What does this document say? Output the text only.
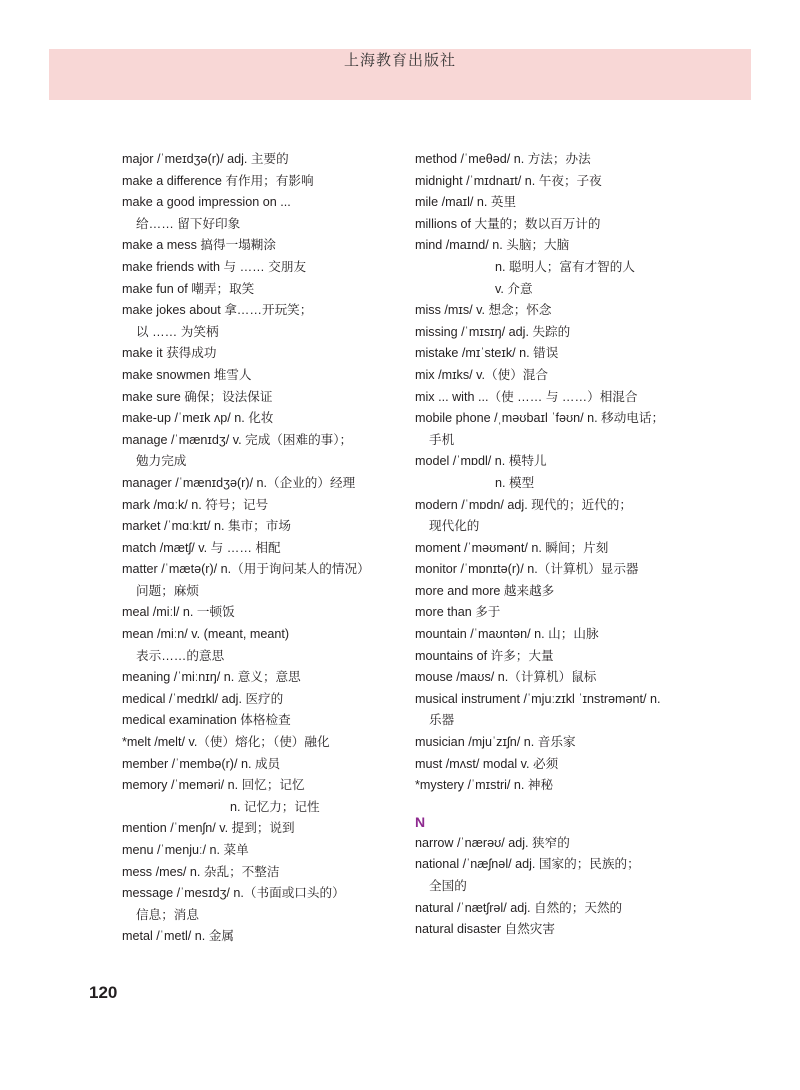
上海教育出版社
major /ˈmeɪdʒə(r)/ adj. 主要的
make a difference 有作用；有影响
make a good impression on ...
给…… 留下好印象
make a mess 搞得一塌糊涂
make friends with 与 …… 交朋友
make fun of 嘲弄；取笑
make jokes about 拿……开玩笑；
以 …… 为笑柄
make it 获得成功
make snowmen 堆雪人
make sure 确保；设法保证
make-up /ˈmeɪk ʌp/ n. 化妆
manage /ˈmænɪdʒ/ v. 完成（困难的事）；
勉力完成
manager /ˈmænɪdʒə(r)/ n.（企业的）经理
mark /mɑːk/ n. 符号；记号
market /ˈmɑːkɪt/ n. 集市；市场
match /mætʃ/ v. 与 …… 相配
matter /ˈmætə(r)/ n.（用于询问某人的情况）
问题；麻烦
meal /miːl/ n. 一顿饭
mean /miːn/ v. (meant, meant)
表示……的意思
meaning /ˈmiːnɪŋ/ n. 意义；意思
medical /ˈmedɪkl/ adj. 医疗的
medical examination 体格检查
*melt /melt/ v.（使）熔化；（使）融化
member /ˈmembə(r)/ n. 成员
memory /ˈmeməri/ n. 回忆；记忆
n. 记忆力；记性
mention /ˈmenʃn/ v. 提到；说到
menu /ˈmenjuː/ n. 菜单
mess /mes/ n. 杂乱；不整洁
message /ˈmesɪdʒ/ n.（书面或口头的）
信息；消息
metal /ˈmetl/ n. 金属
method /ˈmeθəd/ n. 方法；办法
midnight /ˈmɪdnaɪt/ n. 午夜；子夜
mile /maɪl/ n. 英里
millions of 大量的；数以百万计的
mind /maɪnd/ n. 头脑；大脑
n. 聪明人；富有才智的人
v. 介意
miss /mɪs/ v. 想念；怀念
missing /ˈmɪsɪŋ/ adj. 失踪的
mistake /mɪˈsteɪk/ n. 错误
mix /mɪks/ v.（使）混合
mix ... with ...（使 …… 与 ……）相混合
mobile phone /ˌməʊbaɪl ˈfəʊn/ n. 移动电话；
手机
model /ˈmɒdl/ n. 模特儿
n. 模型
modern /ˈmɒdn/ adj. 现代的；近代的；
现代化的
moment /ˈməʊmənt/ n. 瞬间；片刻
monitor /ˈmɒnɪtə(r)/ n.（计算机）显示器
more and more 越来越多
more than 多于
mountain /ˈmaʊntən/ n. 山；山脉
mountains of 许多；大量
mouse /maʊs/ n.（计算机）鼠标
musical instrument /ˈmjuːzɪkl ˈɪnstrəmənt/ n.
乐器
musician /mjuˈzɪʃn/ n. 音乐家
must /mʌst/ modal v. 必须
*mystery /ˈmɪstri/ n. 神秘
N
narrow /ˈnærəʊ/ adj. 狭窄的
national /ˈnæʃnəl/ adj. 国家的；民族的；
全国的
natural /ˈnætʃrəl/ adj. 自然的；天然的
natural disaster 自然灾害
120
